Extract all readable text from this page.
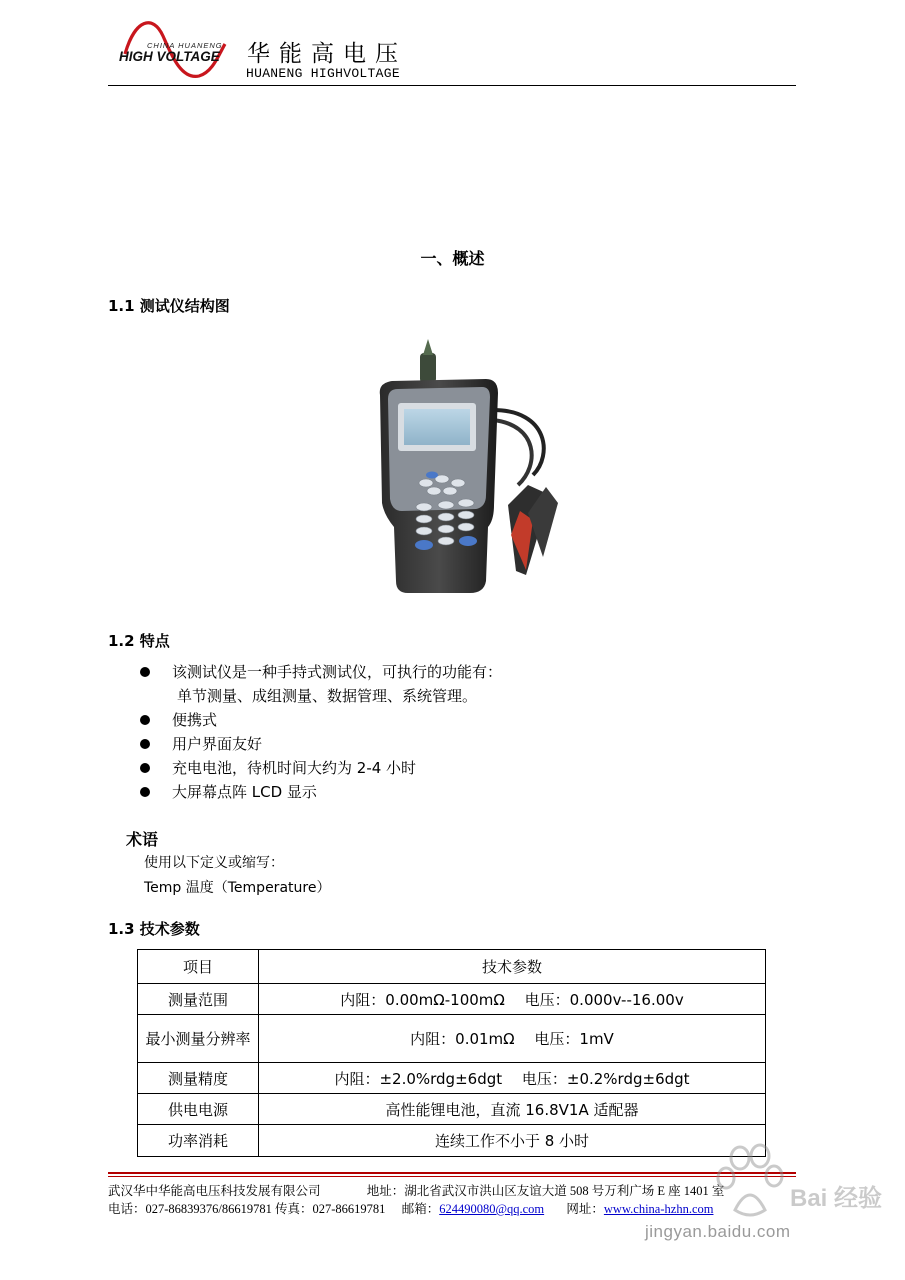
CHINA HUANENG
HIGH VOLTAGE 华能高电压
HUANENG HIGHVOLTAGE
一、概述
1.1 测试仪结构图
1.2 特点
该测试仪是一种手持式测试仪，可执行的功能有：
单节测量、成组测量、数据管理、系统管理。
便携式
用户界面友好
充电电池，待机时间大约为 2-4 小时
大屏幕点阵 LCD 显示
术语
使用以下定义或缩写：
Temp 温度（Temperature）
1.3 技术参数
项目	技术参数
测量范围	内阻：0.00mΩ-100mΩ　 电压：0.000v--16.00v
最小测量分辨率	内阻：0.01mΩ　 电压：1mV
测量精度	内阻：±2.0%rdg±6dgt　 电压：±0.2%rdg±6dgt
供电电源	高性能锂电池，直流 16.8V1A 适配器
功率消耗	连续工作不小于 8 小时
武汉华中华能高电压科技发展有限公司	地址：湖北省武汉市洪山区友谊大道 508 号万利广场 E 座 1401 室
电话：027-86839376/86619781 传真：027-86619781 邮箱：624490080@qq.com 网址：www.china-hzhn.com	Bai 经验
jingyan.baidu.com
